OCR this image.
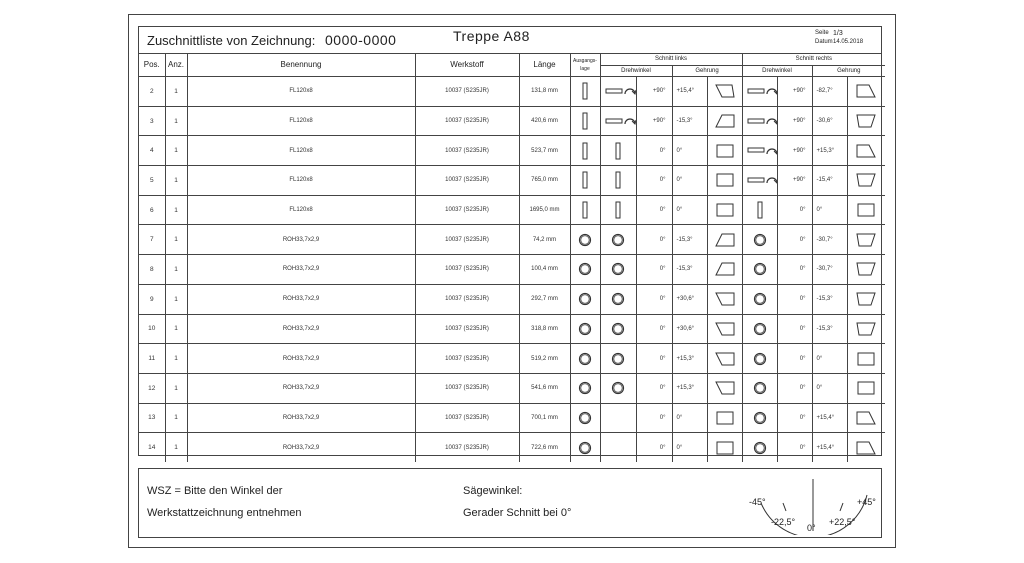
Zuschnittliste von Zeichnung: 0000-0000	Treppe A88	Seite 1/3
Datum 14.05.2018
Pos.	Anz.	Benennung	Werkstoff	Länge	Ausgangs-
lage	Schnitt links				Schnitt rechts			
						Drehwinkel		Gehrung		Drehwinkel		Gehrung	
2	1	FL120x8	10037 (S235JR)	131,8 mm			+90°	+15,4°			+90°	-82,7°	

3	1	FL120x8	10037 (S235JR)	420,6 mm			+90°	-15,3°			+90°	-30,6°	

4	1	FL120x8	10037 (S235JR)	523,7 mm			0°	0°			+90°	+15,3°	

5	1	FL120x8	10037 (S235JR)	765,0 mm			0°	0°			+90°	-15,4°	

6	1	FL120x8	10037 (S235JR)	1695,0 mm			0°	0°			0°	0°	

7	1	ROH33,7x2,9	10037 (S235JR)	74,2 mm			0°	-15,3°			0°	-30,7°	

8	1	ROH33,7x2,9	10037 (S235JR)	100,4 mm			0°	-15,3°			0°	-30,7°	

9	1	ROH33,7x2,9	10037 (S235JR)	292,7 mm			0°	+30,6°			0°	-15,3°	

10	1	ROH33,7x2,9	10037 (S235JR)	318,8 mm			0°	+30,6°			0°	-15,3°	

11	1	ROH33,7x2,9	10037 (S235JR)	519,2 mm			0°	+15,3°			0°	0°	

12	1	ROH33,7x2,9	10037 (S235JR)	541,6 mm			0°	+15,3°			0°	0°	

13	1	ROH33,7x2,9	10037 (S235JR)	700,1 mm			0°	0°			0°	+15,4°	

14	1	ROH33,7x2,9	10037 (S235JR)	722,6 mm			0°	0°			0°	+15,4°	
WSZ = Bitte den Winkel der
Werkstattzeichnung entnehmen
Sägewinkel:
Gerader Schnitt bei 0°
-45°	+45°
-22,5°	+22,5°
0°
